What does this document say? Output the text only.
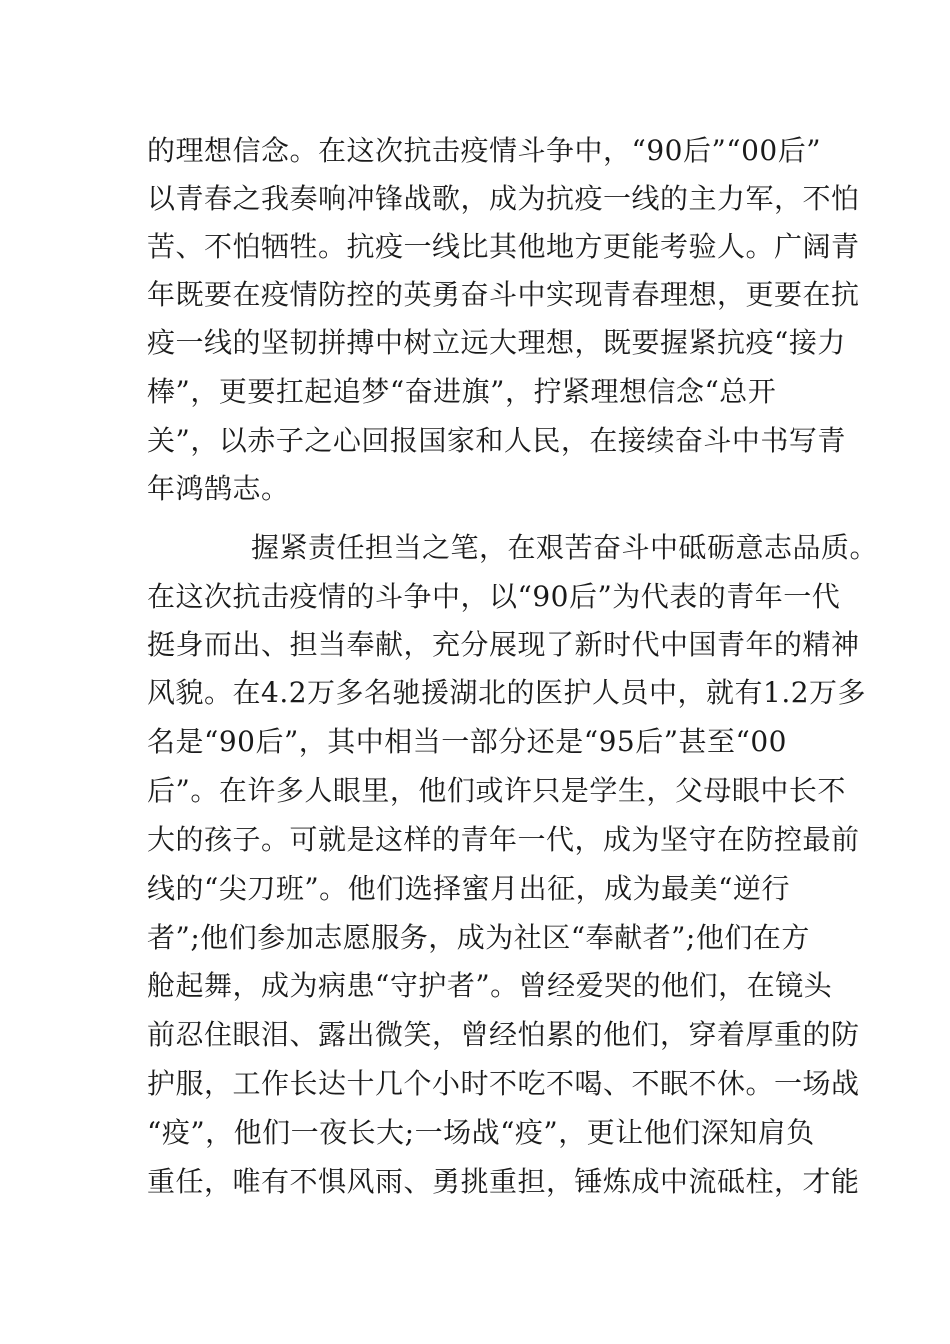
的理想信念。在这次抗击疫情斗争中，“90后”“00后”
以青春之我奏响冲锋战歌，成为抗疫一线的主力军，不怕
苦、不怕牺牲。抗疫一线比其他地方更能考验人。广阔青
年既要在疫情防控的英勇奋斗中实现青春理想，更要在抗
疫一线的坚韧拼搏中树立远大理想，既要握紧抗疫“接力
棒”，更要扛起追梦“奋进旗”，拧紧理想信念“总开
关”，以赤子之心回报国家和人民，在接续奋斗中书写青
年鸿鹄志。
握紧责任担当之笔，在艰苦奋斗中砥砺意志品质。
在这次抗击疫情的斗争中，以“90后”为代表的青年一代
挺身而出、担当奉献，充分展现了新时代中国青年的精神
风貌。在4.2万多名驰援湖北的医护人员中，就有1.2万多
名是“90后”，其中相当一部分还是“95后”甚至“00
后”。在许多人眼里，他们或许只是学生，父母眼中长不
大的孩子。可就是这样的青年一代，成为坚守在防控最前
线的“尖刀班”。他们选择蜜月出征，成为最美“逆行
者”;他们参加志愿服务，成为社区“奉献者”;他们在方
舱起舞，成为病患“守护者”。曾经爱哭的他们，在镜头
前忍住眼泪、露出微笑，曾经怕累的他们，穿着厚重的防
护服，工作长达十几个小时不吃不喝、不眠不休。一场战
“疫”，他们一夜长大;一场战“疫”，更让他们深知肩负
重任，唯有不惧风雨、勇挑重担，锤炼成中流砥柱，才能
